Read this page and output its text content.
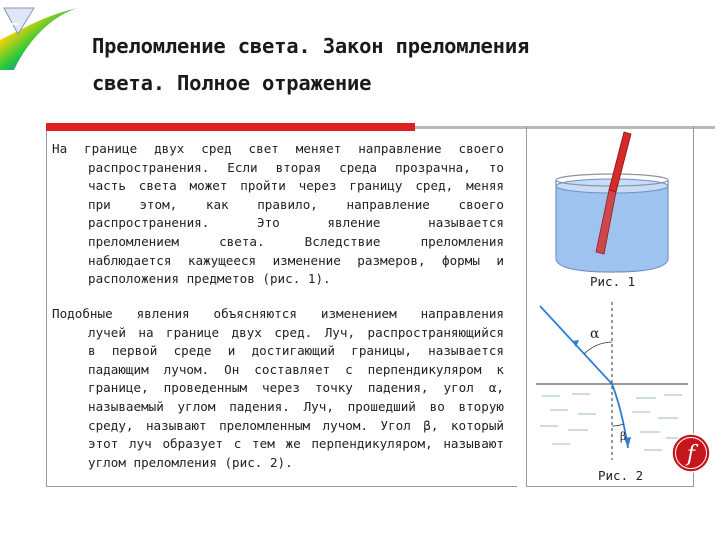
Преломление света. Закон преломления
света. Полное отражение
На границе двух сред свет меняет направление своего
распространения. Если вторая среда прозрачна, то
часть света может пройти через границу сред, меняя
при этом, как правило, направление своего
распространения. Это явление называется
преломлением света. Вследствие преломления
наблюдается кажущееся изменение размеров, формы и
расположения предметов (рис. 1).
Подобные явления объясняются изменением направления
лучей на границе двух сред. Луч, распространяющийся
в первой среде и достигающий границы, называется
падающим лучом. Он составляет с перпендикуляром к
границе, проведенным через точку падения, угол α,
называемый углом падения. Луч, прошедший во вторую
среду, называют преломленным лучом. Угол β, который
этот луч образует с тем же перпендикуляром, называют
углом преломления (рис. 2).
Рис. 1
α
β
Рис. 2
f
